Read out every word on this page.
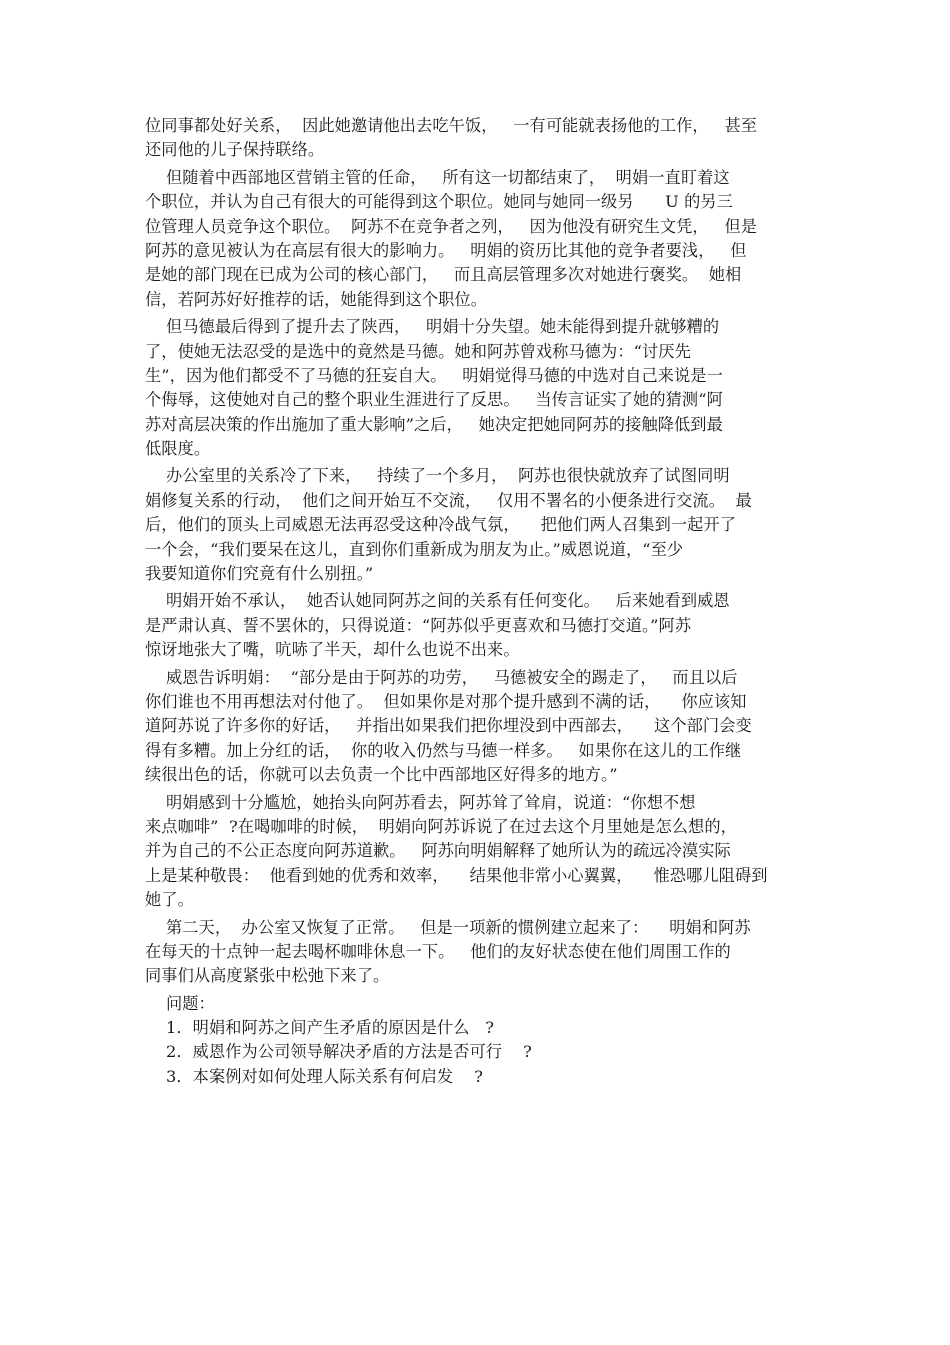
位同事都处好关系，  因此她邀请他出去吃午饭，   一有可能就表扬他的工作，   甚至
还同他的儿子保持联络。
但随着中西部地区营销主管的任命，   所有这一切都结束了，  明娟一直盯着这
个职位，并认为自己有很大的可能得到这个职位。她同与她同一级另      U 的另三
位管理人员竞争这个职位。  阿苏不在竞争者之列，   因为他没有研究生文凭，   但是
阿苏的意见被认为在高层有很大的影响力。   明娟的资历比其他的竞争者要浅，   但
是她的部门现在已成为公司的核心部门，   而且高层管理多次对她进行褒奖。  她相
信，若阿苏好好推荐的话，她能得到这个职位。
但马德最后得到了提升去了陕西，   明娟十分失望。她未能得到提升就够糟的
了，使她无法忍受的是选中的竟然是马德。她和阿苏曾戏称马德为：“讨厌先
生”，因为他们都受不了马德的狂妄自大。   明娟觉得马德的中选对自己来说是一
个侮辱，这使她对自己的整个职业生涯进行了反思。   当传言证实了她的猜测“阿
苏对高层决策的作出施加了重大影响”之后，   她决定把她同阿苏的接触降低到最
低限度。
办公室里的关系冷了下来，   持续了一个多月，  阿苏也很快就放弃了试图同明
娟修复关系的行动，  他们之间开始互不交流，   仅用不署名的小便条进行交流。  最
后，他们的顶头上司威恩无法再忍受这种冷战气氛，    把他们两人召集到一起开了
一个会，“我们要呆在这儿，直到你们重新成为朋友为止。”威恩说道，“至少
我要知道你们究竟有什么别扭。”
明娟开始不承认，  她否认她同阿苏之间的关系有任何变化。   后来她看到威恩
是严肃认真、誓不罢休的，只得说道：“阿苏似乎更喜欢和马德打交道。”阿苏
惊讶地张大了嘴，吭哧了半天，却什么也说不出来。
威恩告诉明娟：  “部分是由于阿苏的功劳，   马德被安全的踢走了，   而且以后
你们谁也不用再想法对付他了。  但如果你是对那个提升感到不满的话，    你应该知
道阿苏说了许多你的好话，   并指出如果我们把你埋没到中西部去，    这个部门会变
得有多糟。加上分红的话，  你的收入仍然与马德一样多。   如果你在这儿的工作继
续很出色的话，你就可以去负责一个比中西部地区好得多的地方。”
明娟感到十分尴尬，她抬头向阿苏看去，阿苏耸了耸肩，说道：“你想不想
来点咖啡”  ?在喝咖啡的时候，  明娟向阿苏诉说了在过去这个月里她是怎么想的，
并为自己的不公正态度向阿苏道歉。   阿苏向明娟解释了她所认为的疏远冷漠实际
上是某种敬畏：  他看到她的优秀和效率，    结果他非常小心翼翼，    惟恐哪儿阻碍到
她了。
第二天，  办公室又恢复了正常。   但是一项新的惯例建立起来了：    明娟和阿苏
在每天的十点钟一起去喝杯咖啡休息一下。   他们的友好状态使在他们周围工作的
同事们从高度紧张中松弛下来了。
问题：
1．明娟和阿苏之间产生矛盾的原因是什么   ?
2．威恩作为公司领导解决矛盾的方法是否可行    ?
3．本案例对如何处理人际关系有何启发    ?
